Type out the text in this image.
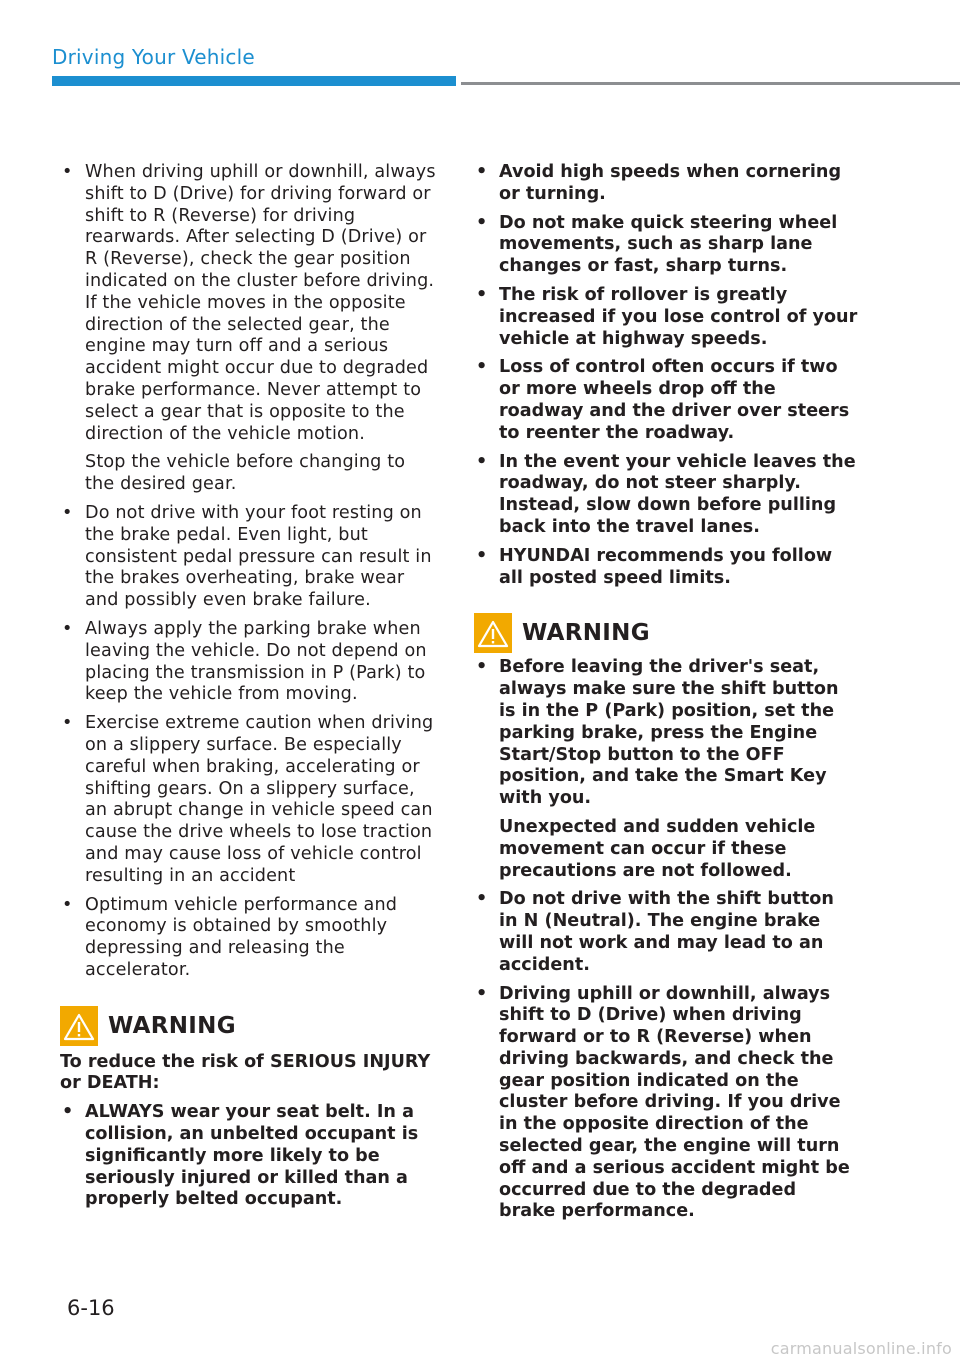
Driving Your Vehicle
• When driving uphill or downhill, always shift to D (Drive) for driving forward or shift to R (Reverse) for driving rearwards. After selecting D (Drive) or R (Reverse), check the gear position indicated on the cluster before driving. If the vehicle moves in the opposite direction of the selected gear, the engine may turn off and a serious accident might occur due to degraded brake performance. Never attempt to select a gear that is opposite to the direction of the vehicle motion.

Stop the vehicle before changing to the desired gear.

• Do not drive with your foot resting on the brake pedal. Even light, but consistent pedal pressure can result in the brakes overheating, brake wear and possibly even brake failure.
• Always apply the parking brake when leaving the vehicle. Do not depend on placing the transmission in P (Park) to keep the vehicle from moving.
• Exercise extreme caution when driving on a slippery surface. Be especially careful when braking, accelerating or shifting gears. On a slippery surface, an abrupt change in vehicle speed can cause the drive wheels to lose traction and may cause loss of vehicle control resulting in an accident
• Optimum vehicle performance and economy is obtained by smoothly depressing and releasing the accelerator.
WARNING

To reduce the risk of SERIOUS INJURY or DEATH:

• ALWAYS wear your seat belt. In a collision, an unbelted occupant is significantly more likely to be seriously injured or killed than a properly belted occupant.
• Avoid high speeds when cornering or turning.
• Do not make quick steering wheel movements, such as sharp lane changes or fast, sharp turns.
• The risk of rollover is greatly increased if you lose control of your vehicle at highway speeds.
• Loss of control often occurs if two or more wheels drop off the roadway and the driver over steers to reenter the roadway.
• In the event your vehicle leaves the roadway, do not steer sharply. Instead, slow down before pulling back into the travel lanes.
• HYUNDAI recommends you follow all posted speed limits.
WARNING
• Before leaving the driver's seat, always make sure the shift button is in the P (Park) position, set the parking brake, press the Engine Start/Stop button to the OFF position, and take the Smart Key with you.

Unexpected and sudden vehicle movement can occur if these precautions are not followed.

• Do not drive with the shift button in N (Neutral). The engine brake will not work and may lead to an accident.
• Driving uphill or downhill, always shift to D (Drive) when driving forward or to R (Reverse) when driving backwards, and check the gear position indicated on the cluster before driving. If you drive in the opposite direction of the selected gear, the engine will turn off and a serious accident might be occurred due to the degraded brake performance.
6-16
carmanualsonline.info
